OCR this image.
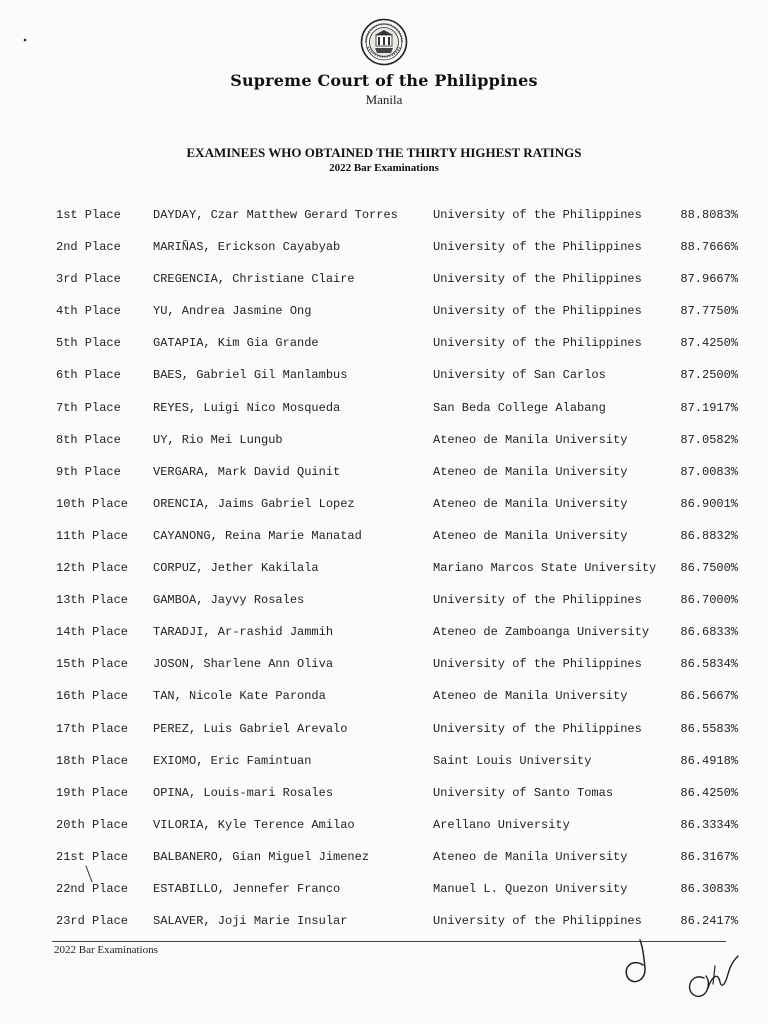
Supreme Court of the Philippines
Manila
EXAMINEES WHO OBTAINED THE THIRTY HIGHEST RATINGS
2022 Bar Examinations
1st Place	DAYDAY, Czar Matthew Gerard Torres	University of the Philippines	88.8083%
2nd Place	MARIÑAS, Erickson Cayabyab	University of the Philippines	88.7666%
3rd Place	CREGENCIA, Christiane Claire	University of the Philippines	87.9667%
4th Place	YU, Andrea Jasmine Ong	University of the Philippines	87.7750%
5th Place	GATAPIA, Kim Gia Grande	University of the Philippines	87.4250%
6th Place	BAES, Gabriel Gil Manlambus	University of San Carlos	87.2500%
7th Place	REYES, Luigi Nico Mosqueda	San Beda College Alabang	87.1917%
8th Place	UY, Rio Mei Lungub	Ateneo de Manila University	87.0582%
9th Place	VERGARA, Mark David Quinit	Ateneo de Manila University	87.0083%
10th Place ORENCIA, Jaims Gabriel Lopez	Ateneo de Manila University	86.9001%
11th Place CAYANONG, Reina Marie Manatad	Ateneo de Manila University	86.8832%
12th Place CORPUZ, Jether Kakilala	Mariano Marcos State University 86.7500%
13th Place GAMBOA, Jayvy Rosales	University of the Philippines	86.7000%
14th Place TARADJI, Ar-rashid Jammih	Ateneo de Zamboanga University	86.6833%
15th Place JOSON, Sharlene Ann Oliva	University of the Philippines	86.5834%
16th Place TAN, Nicole Kate Paronda	Ateneo de Manila University	86.5667%
17th Place PEREZ, Luis Gabriel Arevalo	University of the Philippines	86.5583%
18th Place EXIOMO, Eric Famintuan	Saint Louis University	86.4918%
19th Place OPINA, Louis-mari Rosales	University of Santo Tomas	86.4250%
20th Place VILORIA, Kyle Terence Amilao	Arellano University	86.3334%
21st Place BALBANERO, Gian Miguel Jimenez	Ateneo de Manila University	86.3167%
22nd Place ESTABILLO, Jennefer Franco	Manuel L. Quezon University	86.3083%
23rd Place SALAVER, Joji Marie Insular	University of the Philippines	86.2417%
2022 Bar Examinations
